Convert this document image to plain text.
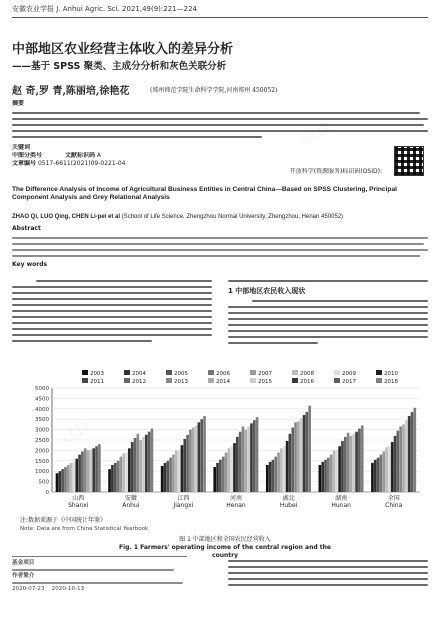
安徽农业学报 J. Anhui Agric. Sci. 2021,49(9):221—224
中部地区农业经营主体收入的差异分析
——基于 SPSS 聚类、主成分分析和灰色关联分析
赵 奇,罗 青,陈丽培,徐艳花	(郑州师范学院生命科学学院,河南郑州 450052)
摘要
关键词
中图分类号	文献标识码 A
文章编号 0517-6611(2021)09-0221-04
开放科学(资源服务)标识码(OSID):
The Difference Analysis of Income of Agricultural Business Entities in Central China—Based on SPSS Clustering, Principal Component Analysis and Grey Relational Analysis
ZHAO Qi, LUO Qing, CHEN Li-pei et al (School of Life Science, Zhengzhou Normal University, Zhengzhou, Henan 450052)
Abstract
Key words
1 中部地区农民收入现状
0
500
1000
1500
2000
2500
3000
3500
4000
4500
5000
山西
Shanxi
安徽
Anhui
江西
Jiangxi
河南
Henan
湖北
Hubei
湖南
Hunan
全国
China
2003	2004	2005	2006	2007	2008	2009	2010
2011	2012	2013	2014	2015	2016	2017	2018
注:数据来源于《中国统计年鉴》
Note: Data are from China Statistical Yearbook
图 1 中部地区和全国农民经营收入
Fig. 1 Farmers' operating income of the central region and the country
基金项目
作者简介
2020-07-23 2020-10-13
试读
试读
